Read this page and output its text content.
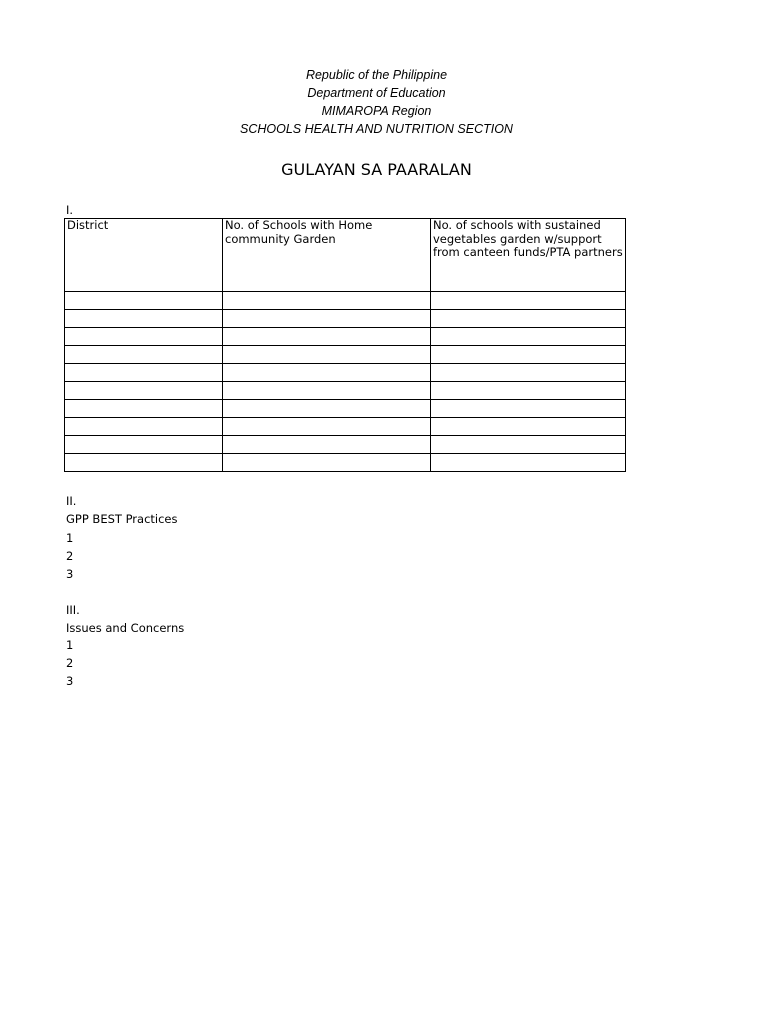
Republic of the Philippine
Department of Education
MIMAROPA Region
SCHOOLS HEALTH AND NUTRITION SECTION
GULAYAN SA PAARALAN
I.
District	No. of Schools with Home community Garden	No. of schools with sustained vegetables garden w/support from canteen funds/PTA partners

II.
GPP BEST Practices
1
2
3
III.
Issues and Concerns
1
2
3
